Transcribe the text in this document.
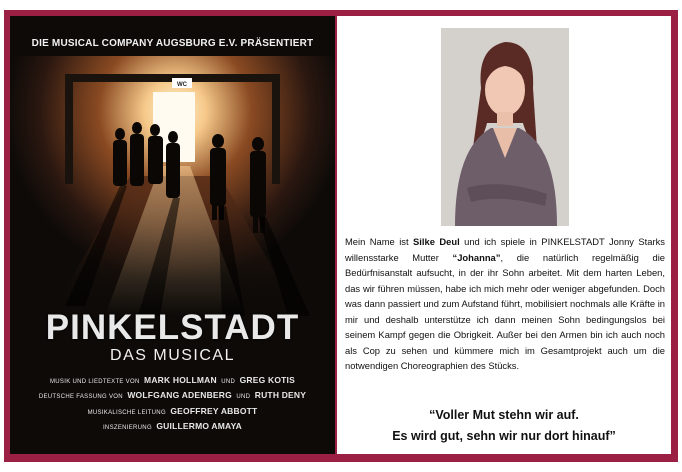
WC
DIE MUSICAL COMPANY AUGSBURG E.V. PRÄSENTIERT
PINKELSTADT
DAS MUSICAL
MUSIK UND LIEDTEXTE VON MARK HOLLMAN UND GREG KOTIS
DEUTSCHE FASSUNG VON WOLFGANG ADENBERG UND RUTH DENY
MUSIKALISCHE LEITUNG GEOFFREY ABBOTT
INSZENIERUNG GUILLERMO AMAYA
Mein Name ist Silke Deul und ich spiele in PINKELSTADT Jonny Starks willensstarke Mutter “Johanna”, die natürlich regelmäßig die Bedürfnisanstalt aufsucht, in der ihr Sohn arbeitet. Mit dem harten Leben, das wir führen müssen, habe ich mich mehr oder weniger abgefunden. Doch was dann passiert und zum Aufstand führt, mobilisiert nochmals alle Kräfte in mir und deshalb unterstütze ich dann meinen Sohn bedingungslos bei seinem Kampf gegen die Obrigkeit. Außer bei den Armen bin ich auch noch als Cop zu sehen und kümmere mich im Gesamtprojekt auch um die notwendigen Choreographien des Stücks.
“Voller Mut stehn wir auf.
Es wird gut, sehn wir nur dort hinauf”
